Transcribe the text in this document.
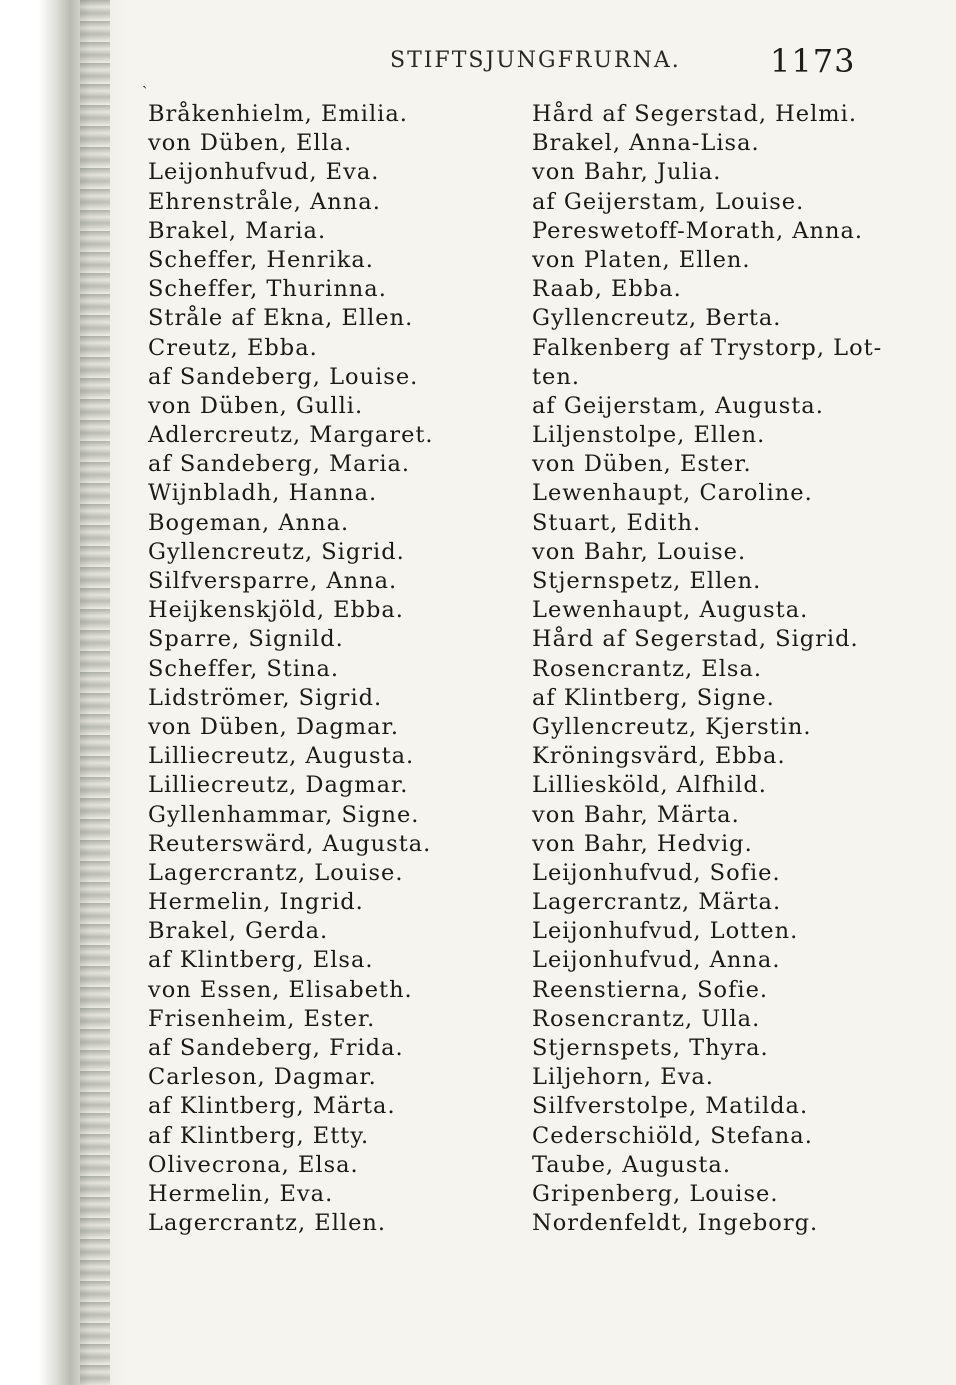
STIFTSJUNGFRURNA.	1173
ˎ
Bråkenhielm, Emilia.
von Düben, Ella.
Leijonhufvud, Eva.
Ehrenstråle, Anna.
Brakel, Maria.
Scheffer, Henrika.
Scheffer, Thurinna.
Stråle af Ekna, Ellen.
Creutz, Ebba.
af Sandeberg, Louise.
von Düben, Gulli.
Adlercreutz, Margaret.
af Sandeberg, Maria.
Wijnbladh, Hanna.
Bogeman, Anna.
Gyllencreutz, Sigrid.
Silfversparre, Anna.
Heijkenskjöld, Ebba.
Sparre, Signild.
Scheffer, Stina.
Lidströmer, Sigrid.
von Düben, Dagmar.
Lilliecreutz, Augusta.
Lilliecreutz, Dagmar.
Gyllenhammar, Signe.
Reuterswärd, Augusta.
Lagercrantz, Louise.
Hermelin, Ingrid.
Brakel, Gerda.
af Klintberg, Elsa.
von Essen, Elisabeth.
Frisenheim, Ester.
af Sandeberg, Frida.
Carleson, Dagmar.
af Klintberg, Märta.
af Klintberg, Etty.
Olivecrona, Elsa.
Hermelin, Eva.
Lagercrantz, Ellen.
Hård af Segerstad, Helmi.
Brakel, Anna-Lisa.
von Bahr, Julia.
af Geijerstam, Louise.
Pereswetoff-Morath, Anna.
von Platen, Ellen.
Raab, Ebba.
Gyllencreutz, Berta.
Falkenberg af Trystorp, Lot-
ten.
af Geijerstam, Augusta.
Liljenstolpe, Ellen.
von Düben, Ester.
Lewenhaupt, Caroline.
Stuart, Edith.
von Bahr, Louise.
Stjernspetz, Ellen.
Lewenhaupt, Augusta.
Hård af Segerstad, Sigrid.
Rosencrantz, Elsa.
af Klintberg, Signe.
Gyllencreutz, Kjerstin.
Kröningsvärd, Ebba.
Lilliesköld, Alfhild.
von Bahr, Märta.
von Bahr, Hedvig.
Leijonhufvud, Sofie.
Lagercrantz, Märta.
Leijonhufvud, Lotten.
Leijonhufvud, Anna.
Reenstierna, Sofie.
Rosencrantz, Ulla.
Stjernspets, Thyra.
Liljehorn, Eva.
Silfverstolpe, Matilda.
Cederschiöld, Stefana.
Taube, Augusta.
Gripenberg, Louise.
Nordenfeldt, Ingeborg.
